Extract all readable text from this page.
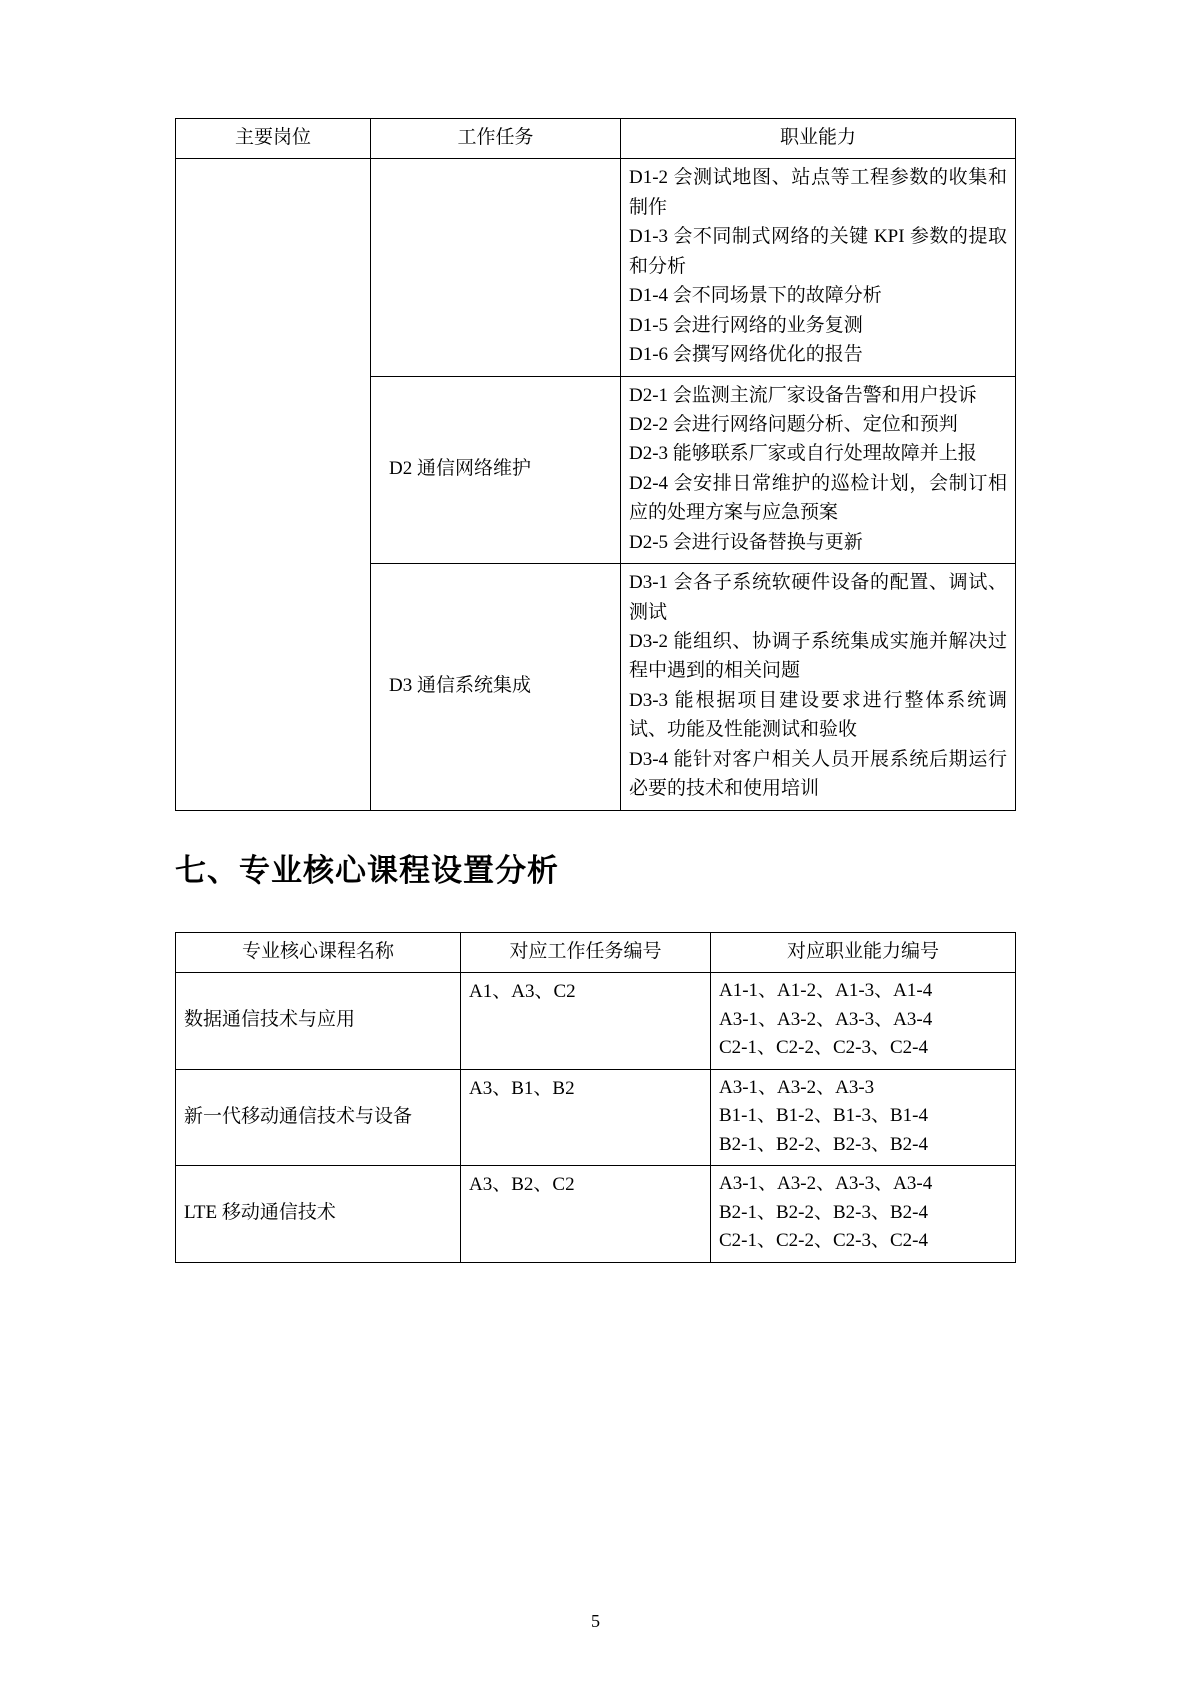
主要岗位	工作任务	职业能力

		D1-2 会测试地图、站点等工程参数的收集和制作

D1-3 会不同制式网络的关键 KPI 参数的提取和分析

D1-4 会不同场景下的故障分析

D1-5 会进行网络的业务复测

D1-6 会撰写网络优化的报告

	D2 通信网络维护	D2-1 会监测主流厂家设备告警和用户投诉

D2-2 会进行网络问题分析、定位和预判

D2-3 能够联系厂家或自行处理故障并上报

D2-4 会安排日常维护的巡检计划，会制订相应的处理方案与应急预案

D2-5 会进行设备替换与更新

	D3 通信系统集成	D3-1 会各子系统软硬件设备的配置、调试、测试

D3-2 能组织、协调子系统集成实施并解决过程中遇到的相关问题

D3-3 能根据项目建设要求进行整体系统调试、功能及性能测试和验收

D3-4 能针对客户相关人员开展系统后期运行必要的技术和使用培训

七、专业核心课程设置分析
专业核心课程名称	对应工作任务编号	对应职业能力编号
数据通信技术与应用	A1、A3、C2	A1-1、A1-2、A1-3、A1-4

A3-1、A3-2、A3-3、A3-4

C2-1、C2-2、C2-3、C2-4

新一代移动通信技术与设备	A3、B1、B2	A3-1、A3-2、A3-3

B1-1、B1-2、B1-3、B1-4

B2-1、B2-2、B2-3、B2-4

LTE 移动通信技术	A3、B2、C2	A3-1、A3-2、A3-3、A3-4

B2-1、B2-2、B2-3、B2-4

C2-1、C2-2、C2-3、C2-4

5
